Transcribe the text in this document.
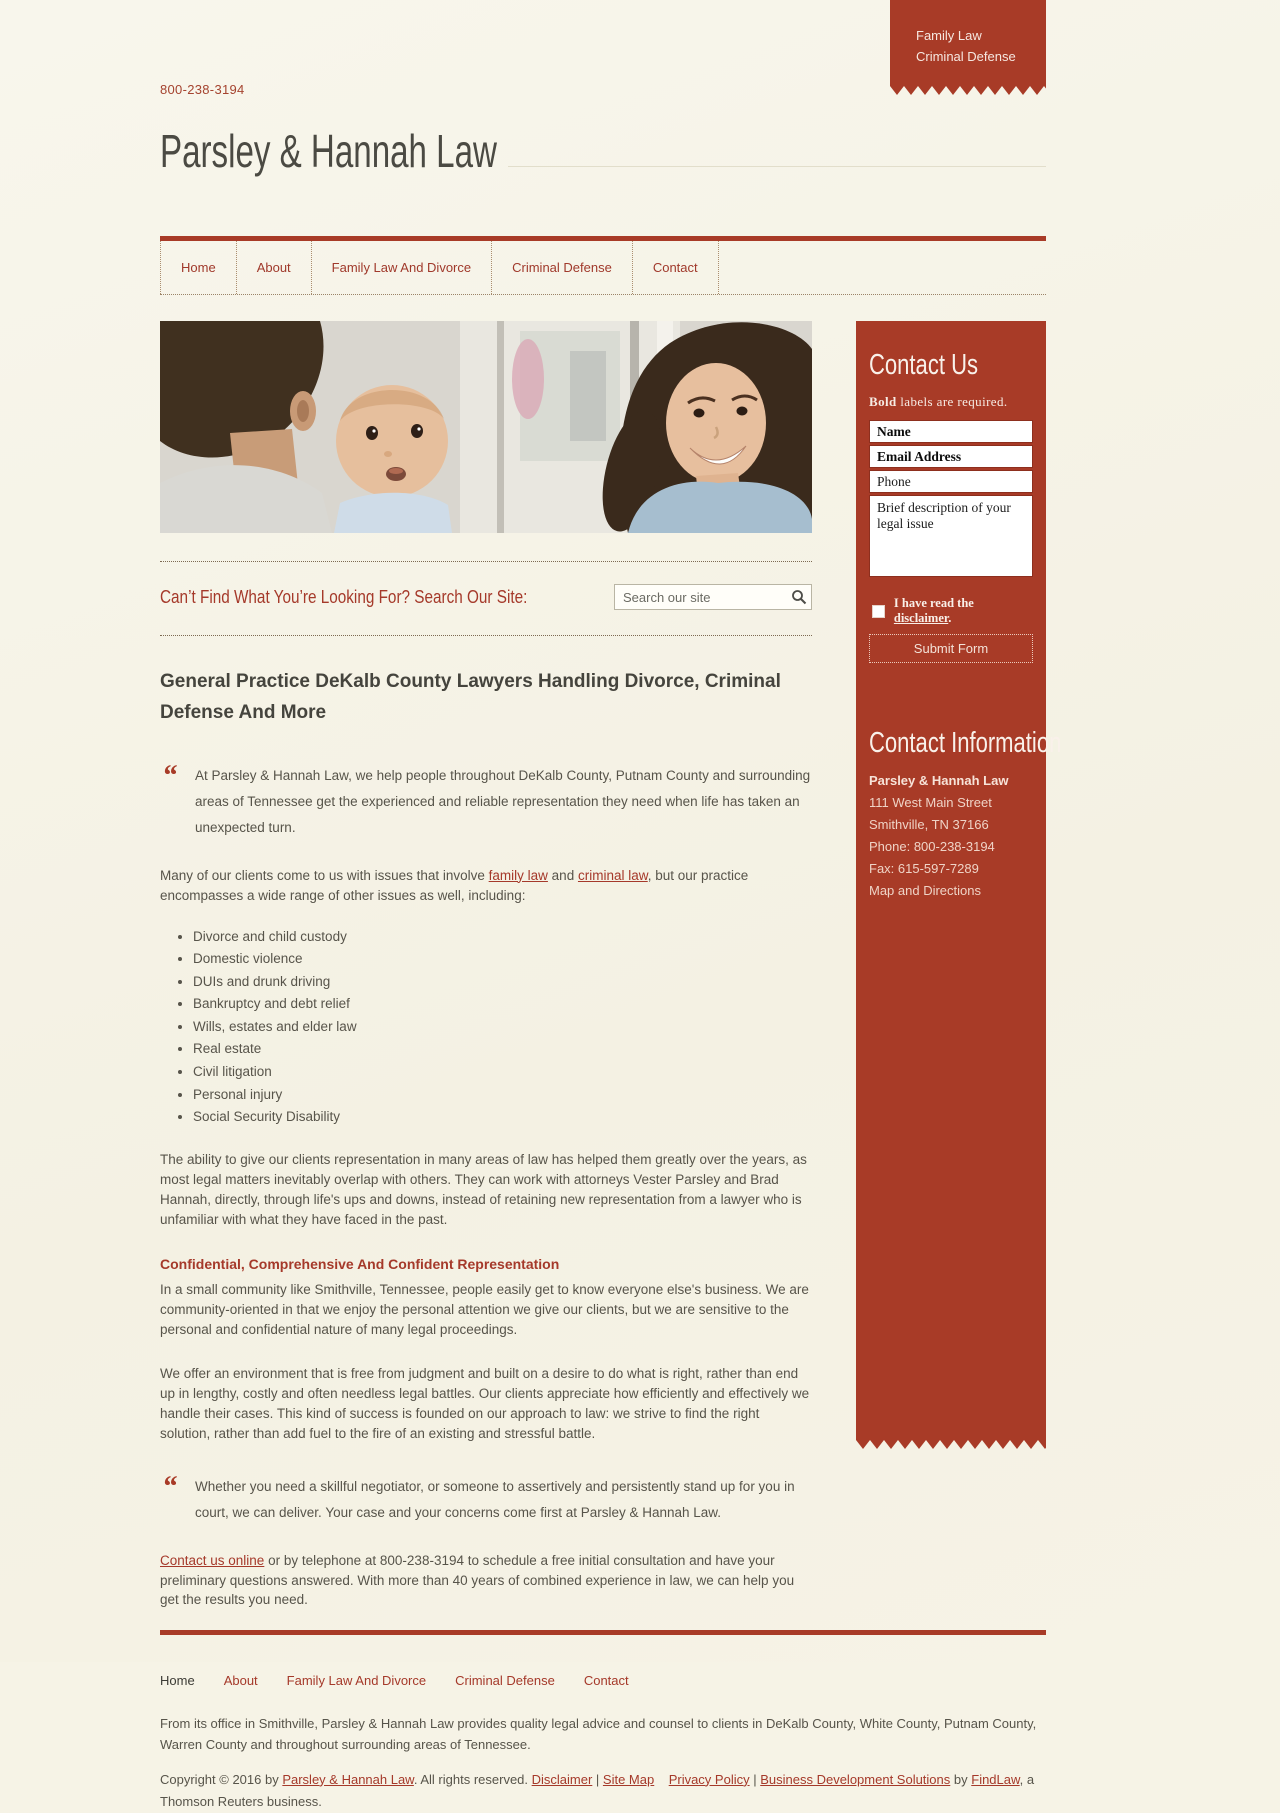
Family Law
Criminal Defense
800-238-3194
Parsley & Hannah Law
Home	About	Family Law And Divorce	Criminal Defense	Contact
Can’t Find What You’re Looking For? Search Our Site:
Search our site
General Practice DeKalb County Lawyers Handling Divorce, Criminal Defense And More
“ At Parsley & Hannah Law, we help people throughout DeKalb County, Putnam County and surrounding areas of Tennessee get the experienced and reliable representation they need when life has taken an unexpected turn.

Many of our clients come to us with issues that involve family law and criminal law, but our practice encompasses a wide range of other issues as well, including:

• Divorce and child custody
• Domestic violence
• DUIs and drunk driving
• Bankruptcy and debt relief
• Wills, estates and elder law
• Real estate
• Civil litigation
• Personal injury
• Social Security Disability

The ability to give our clients representation in many areas of law has helped them greatly over the years, as most legal matters inevitably overlap with others. They can work with attorneys Vester Parsley and Brad Hannah, directly, through life's ups and downs, instead of retaining new representation from a lawyer who is unfamiliar with what they have faced in the past.

Confidential, Comprehensive And Confident Representation

In a small community like Smithville, Tennessee, people easily get to know everyone else's business. We are community-oriented in that we enjoy the personal attention we give our clients, but we are sensitive to the personal and confidential nature of many legal proceedings.

We offer an environment that is free from judgment and built on a desire to do what is right, rather than end up in lengthy, costly and often needless legal battles. Our clients appreciate how efficiently and effectively we handle their cases. This kind of success is founded on our approach to law: we strive to find the right solution, rather than add fuel to the fire of an existing and stressful battle.

“ Whether you need a skillful negotiator, or someone to assertively and persistently stand up for you in court, we can deliver. Your case and your concerns come first at Parsley & Hannah Law.

Contact us online or by telephone at 800-238-3194 to schedule a free initial consultation and have your preliminary questions answered. With more than 40 years of combined experience in law, we can help you get the results you need.

Contact Us
Bold labels are required.
Name Email Address Phone Brief description of your legal issue
I have read the disclaimer.
Submit Form
Contact Information
Parsley & Hannah Law
111 West Main Street
Smithville, TN 37166
Phone: 800-238-3194
Fax: 615-597-7289
Map and Directions
Home About Family Law And Divorce Criminal Defense Contact

From its office in Smithville, Parsley & Hannah Law provides quality legal advice and counsel to clients in DeKalb County, White County, Putnam County, Warren County and throughout surrounding areas of Tennessee.

Copyright © 2016 by Parsley & Hannah Law. All rights reserved. Disclaimer | Site Map Privacy Policy | Business Development Solutions by FindLaw, a Thomson Reuters business.
